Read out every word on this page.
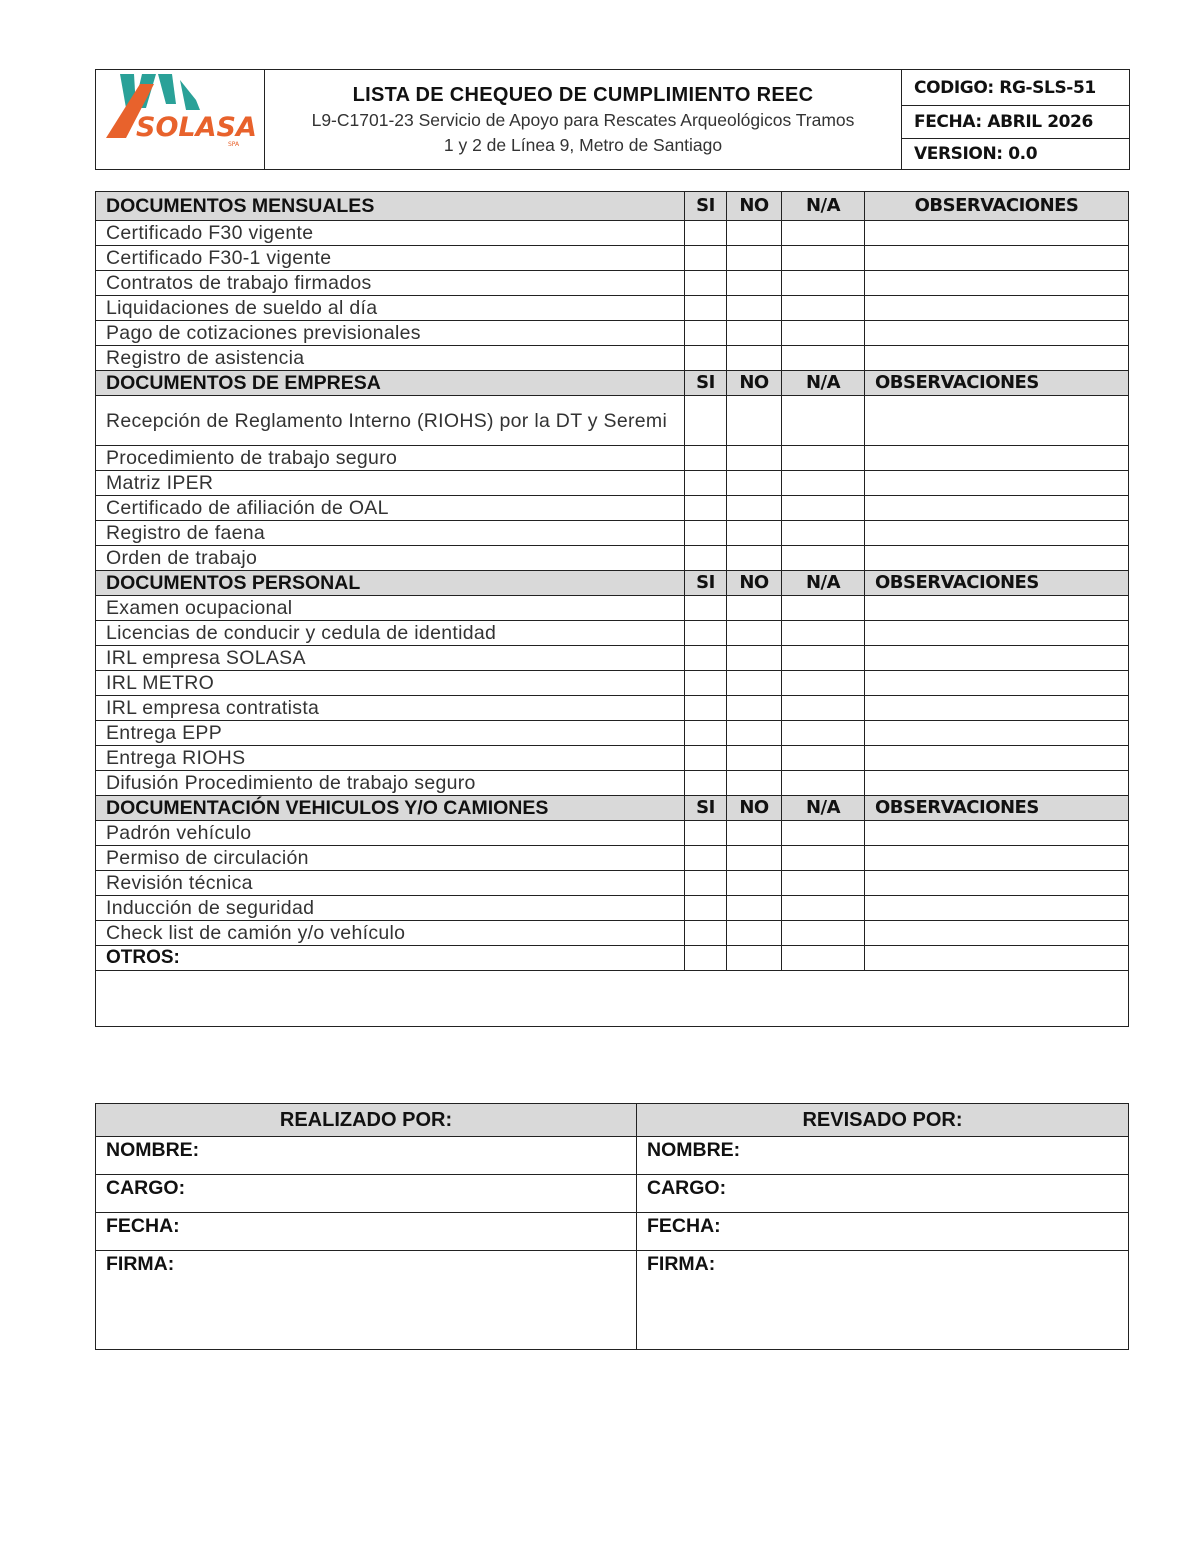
SOLASA
SPA

LISTA DE CHEQUEO DE CUMPLIMIENTO REEC
L9-C1701-23 Servicio de Apoyo para Rescates Arqueológicos Tramos
1 y 2 de Línea 9, Metro de Santiago
	CODIGO: RG-SLS-51
FECHA: ABRIL 2026
VERSION: 0.0
DOCUMENTOS MENSUALES	SI	NO	N/A	OBSERVACIONES
Certificado F30 vigente				
Certificado F30-1 vigente				
Contratos de trabajo firmados				
Liquidaciones de sueldo al día				
Pago de cotizaciones previsionales				
Registro de asistencia				
DOCUMENTOS DE EMPRESA	SI	NO	N/A	OBSERVACIONES
Recepción de Reglamento Interno (RIOHS) por la DT y Seremi				
Procedimiento de trabajo seguro				
Matriz IPER				
Certificado de afiliación de OAL				
Registro de faena				
Orden de trabajo				
DOCUMENTOS PERSONAL	SI	NO	N/A	OBSERVACIONES
Examen ocupacional				
Licencias de conducir y cedula de identidad				
IRL empresa SOLASA				
IRL METRO				
IRL empresa contratista				
Entrega EPP				
Entrega RIOHS				
Difusión Procedimiento de trabajo seguro				
DOCUMENTACIÓN VEHICULOS Y/O CAMIONES	SI	NO	N/A	OBSERVACIONES
Padrón vehículo				
Permiso de circulación				
Revisión técnica				
Inducción de seguridad				
Check list de camión y/o vehículo				
OTROS:				

REALIZADO POR:	REVISADO POR:
NOMBRE:	NOMBRE:
CARGO:	CARGO:
FECHA:	FECHA:
FIRMA:	FIRMA:
